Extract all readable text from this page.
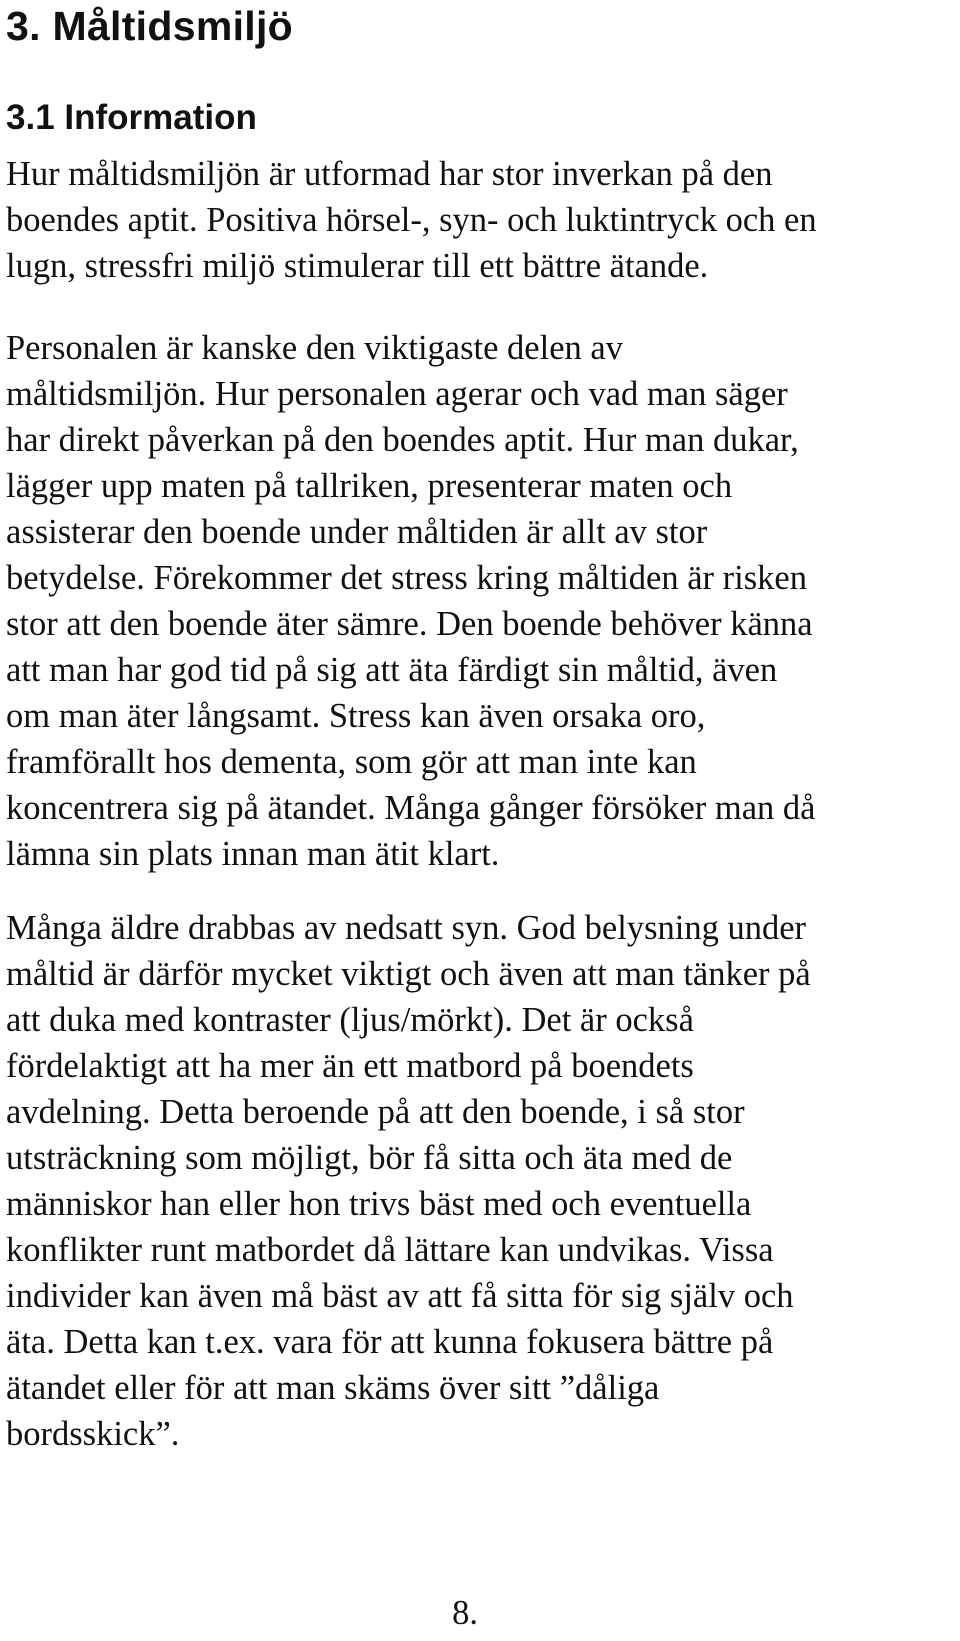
3. Måltidsmiljö
3.1 Information

Hur måltidsmiljön är utformad har stor inverkan på den
boendes aptit. Positiva hörsel-, syn- och luktintryck och en
lugn, stressfri miljö stimulerar till ett bättre ätande.

Personalen är kanske den viktigaste delen av
måltidsmiljön. Hur personalen agerar och vad man säger
har direkt påverkan på den boendes aptit. Hur man dukar,
lägger upp maten på tallriken, presenterar maten och
assisterar den boende under måltiden är allt av stor
betydelse. Förekommer det stress kring måltiden är risken
stor att den boende äter sämre. Den boende behöver känna
att man har god tid på sig att äta färdigt sin måltid, även
om man äter långsamt. Stress kan även orsaka oro,
framförallt hos dementa, som gör att man inte kan
koncentrera sig på ätandet. Många gånger försöker man då
lämna sin plats innan man ätit klart.

Många äldre drabbas av nedsatt syn. God belysning under
måltid är därför mycket viktigt och även att man tänker på
att duka med kontraster (ljus/mörkt). Det är också
fördelaktigt att ha mer än ett matbord på boendets
avdelning. Detta beroende på att den boende, i så stor
utsträckning som möjligt, bör få sitta och äta med de
människor han eller hon trivs bäst med och eventuella
konflikter runt matbordet då lättare kan undvikas. Vissa
individer kan även må bäst av att få sitta för sig själv och
äta. Detta kan t.ex. vara för att kunna fokusera bättre på
ätandet eller för att man skäms över sitt ”dåliga
bordsskick”.

8.
